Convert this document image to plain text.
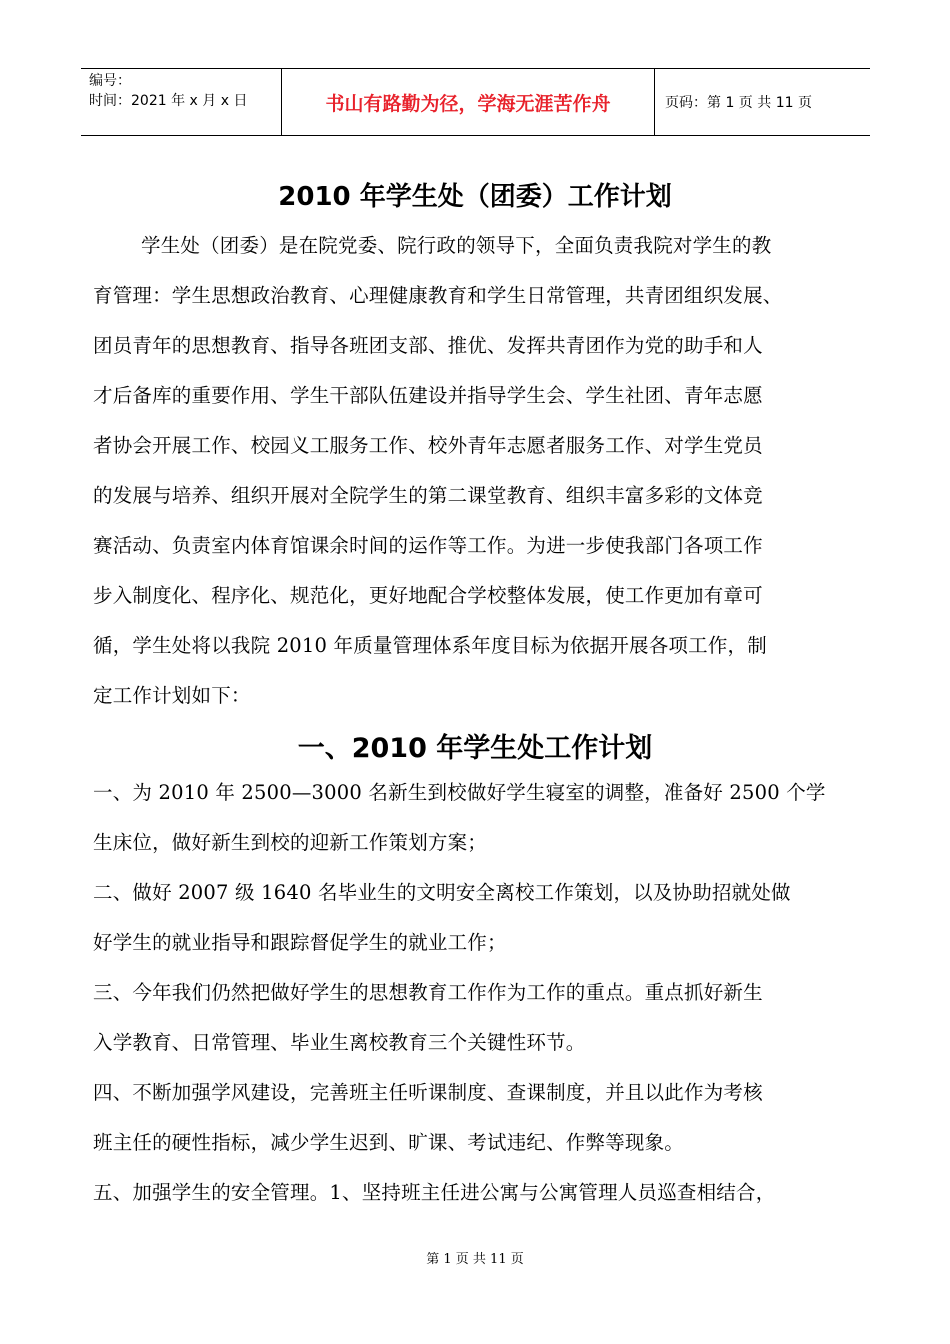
编号：
时间：2021 年 x 月 x 日	书山有路勤为径，学海无涯苦作舟	页码：第 1 页 共 11 页
2010 年学生处（团委）工作计划
学生处（团委）是在院党委、院行政的领导下，全面负责我院对学生的教
育管理：学生思想政治教育、心理健康教育和学生日常管理，共青团组织发展、
团员青年的思想教育、指导各班团支部、推优、发挥共青团作为党的助手和人
才后备库的重要作用、学生干部队伍建设并指导学生会、学生社团、青年志愿
者协会开展工作、校园义工服务工作、校外青年志愿者服务工作、对学生党员
的发展与培养、组织开展对全院学生的第二课堂教育、组织丰富多彩的文体竞
赛活动、负责室内体育馆课余时间的运作等工作。为进一步使我部门各项工作
步入制度化、程序化、规范化，更好地配合学校整体发展，使工作更加有章可
循，学生处将以我院 2010 年质量管理体系年度目标为依据开展各项工作，制
定工作计划如下：
一、2010 年学生处工作计划
一、为 2010 年 2500—3000 名新生到校做好学生寝室的调整，准备好 2500 个学
生床位，做好新生到校的迎新工作策划方案；
二、做好 2007 级 1640 名毕业生的文明安全离校工作策划，以及协助招就处做
好学生的就业指导和跟踪督促学生的就业工作；
三、今年我们仍然把做好学生的思想教育工作作为工作的重点。重点抓好新生
入学教育、日常管理、毕业生离校教育三个关键性环节。
四、不断加强学风建设，完善班主任听课制度、查课制度，并且以此作为考核
班主任的硬性指标，减少学生迟到、旷课、考试违纪、作弊等现象。
五、加强学生的安全管理。1、坚持班主任进公寓与公寓管理人员巡查相结合，
第 1 页 共 11 页
